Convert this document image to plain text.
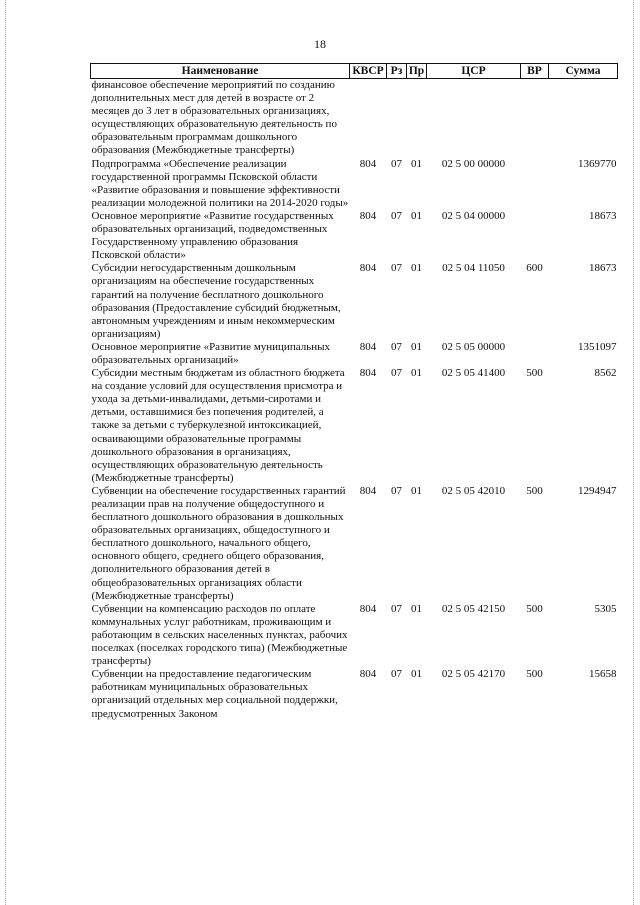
18
Наименование	КВСР	Рз	Пр	ЦСР	ВР	Сумма
финансовое обеспечение мероприятий по созданию дополнительных мест для детей в возрасте от 2 месяцев до 3 лет в образовательных организациях, осуществляющих образовательную деятельность по образовательным программам дошкольного образования (Межбюджетные трансферты)						
Подпрограмма «Обеспечение реализации государственной программы Псковской области «Развитие образования и повышение эффективности реализации молодежной политики на 2014-2020 годы»	804	07	01	02 5 00 00000		1369770
Основное мероприятие «Развитие государственных образовательных организаций, подведомственных Государственному управлению образования Псковской области»	804	07	01	02 5 04 00000		18673
Субсидии негосударственным дошкольным организациям на обеспечение государственных гарантий на получение бесплатного дошкольного образования (Предоставление субсидий бюджетным, автономным учреждениям и иным некоммерческим организациям)	804	07	01	02 5 04 11050	600	18673
Основное мероприятие «Развитие муниципальных образовательных организаций»	804	07	01	02 5 05 00000		1351097
Субсидии местным бюджетам из областного бюджета на создание условий для осуществления присмотра и ухода за детьми-инвалидами, детьми-сиротами и детьми, оставшимися без попечения родителей, а также за детьми с туберкулезной интоксикацией, осваивающими образовательные программы дошкольного образования в организациях, осуществляющих образовательную деятельность (Межбюджетные трансферты)	804	07	01	02 5 05 41400	500	8562
Субвенции на обеспечение государственных гарантий реализации прав на получение общедоступного и бесплатного дошкольного образования в дошкольных образовательных организациях, общедоступного и бесплатного дошкольного, начального общего, основного общего, среднего общего образования, дополнительного образования детей в общеобразовательных организациях области (Межбюджетные трансферты)	804	07	01	02 5 05 42010	500	1294947
Субвенции на компенсацию расходов по оплате коммунальных услуг работникам, проживающим и работающим в сельских населенных пунктах, рабочих поселках (поселках городского типа) (Межбюджетные трансферты)	804	07	01	02 5 05 42150	500	5305
Субвенции на предоставление педагогическим работникам муниципальных образовательных организаций отдельных мер социальной поддержки, предусмотренных Законом	804	07	01	02 5 05 42170	500	15658
